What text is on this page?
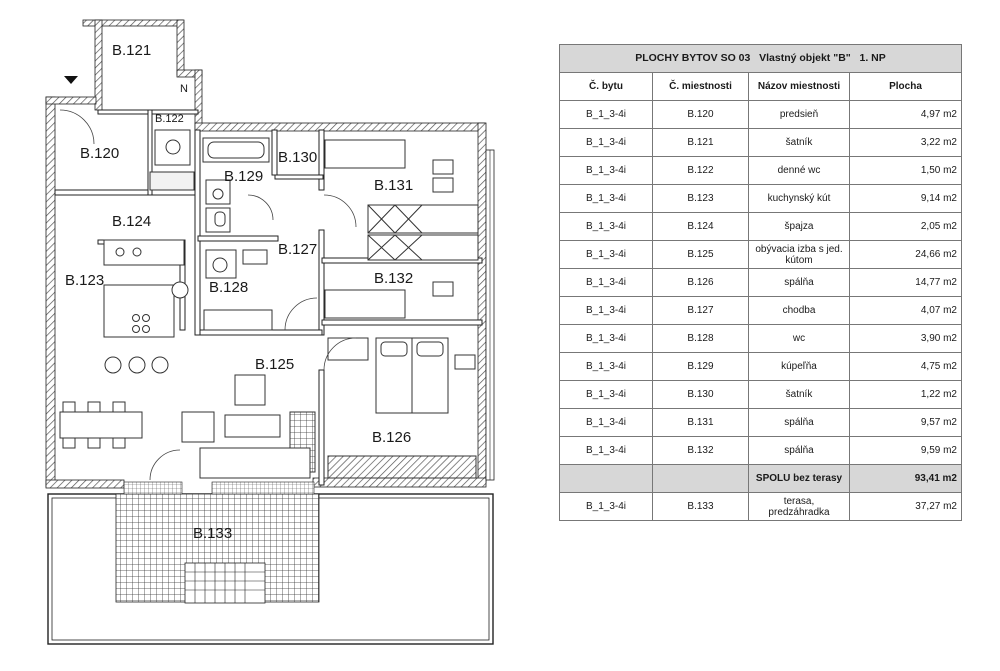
N
B.120
B.121
B.122
B.123
B.124
B.125
B.126
B.127
B.128
B.129
B.130
B.131
B.132
B.133
PLOCHY BYTOV SO 03   Vlastný objekt "B"   1. NP			
Č. bytu	Č. miestnosti	Názov miestnosti	Plocha
B_1_3-4i	B.120	predsieň	4,97 m2
B_1_3-4i	B.121	šatník	3,22 m2
B_1_3-4i	B.122	denné wc	1,50 m2
B_1_3-4i	B.123	kuchynský kút	9,14 m2
B_1_3-4i	B.124	špajza	2,05 m2
B_1_3-4i	B.125	obývacia izba s jed. kútom	24,66 m2
B_1_3-4i	B.126	spálňa	14,77 m2
B_1_3-4i	B.127	chodba	4,07 m2
B_1_3-4i	B.128	wc	3,90 m2
B_1_3-4i	B.129	kúpeľňa	4,75 m2
B_1_3-4i	B.130	šatník	1,22 m2
B_1_3-4i	B.131	spálňa	9,57 m2
B_1_3-4i	B.132	spálňa	9,59 m2
		SPOLU bez terasy	93,41 m2
B_1_3-4i	B.133	terasa, predzáhradka	37,27 m2
